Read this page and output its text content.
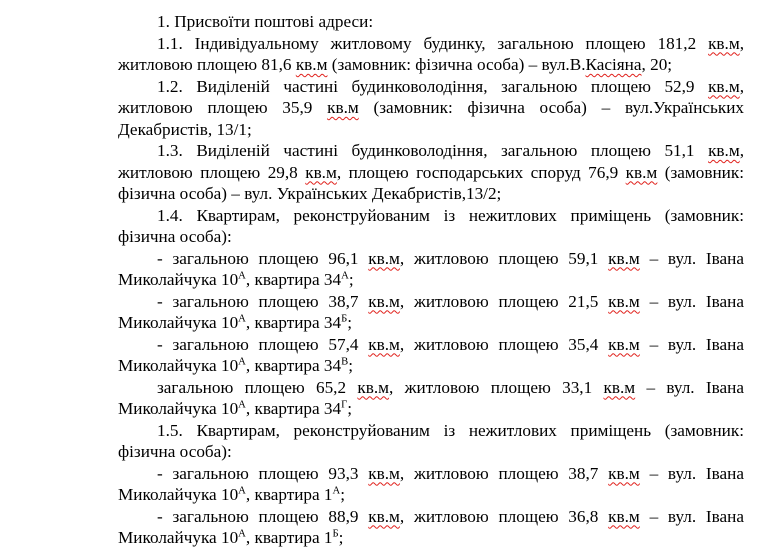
1. Присвоїти поштові адреси:

1.1. Індивідуальному житловому будинку, загальною площею 181,2 кв.м, житловою площею 81,6 кв.м (замовник: фізична особа) – вул.В.Касіяна, 20;

1.2. Виділеній частині будинковолодіння, загальною площею 52,9 кв.м, житловою площею 35,9 кв.м (замовник: фізична особа) – вул.Українських Декабристів, 13/1;

1.3. Виділеній частині будинковолодіння, загальною площею 51,1 кв.м, житловою площею 29,8 кв.м, площею господарських споруд 76,9 кв.м (замовник: фізична особа) – вул. Українських Декабристів,13/2;

1.4. Квартирам, реконструйованим із нежитлових приміщень (замовник: фізична особа):

- загальною площею 96,1 кв.м, житловою площею 59,1 кв.м – вул. Івана Миколайчука $10^А$, квартира $34^А$;

- загальною площею 38,7 кв.м, житловою площею 21,5 кв.м – вул. Івана Миколайчука $10^А$, квартира $34^Б$;

- загальною площею 57,4 кв.м, житловою площею 35,4 кв.м – вул. Івана Миколайчука $10^А$, квартира $34^В$;

загальною площею 65,2 кв.м, житловою площею 33,1 кв.м – вул. Івана Миколайчука $10^А$, квартира $34^Г$;

1.5. Квартирам, реконструйованим із нежитлових приміщень (замовник: фізична особа):

- загальною площею 93,3 кв.м, житловою площею 38,7 кв.м – вул. Івана Миколайчука $10^А$, квартира $1^А$;

- загальною площею 88,9 кв.м, житловою площею 36,8 кв.м – вул. Івана Миколайчука $10^А$, квартира $1^Б$;
